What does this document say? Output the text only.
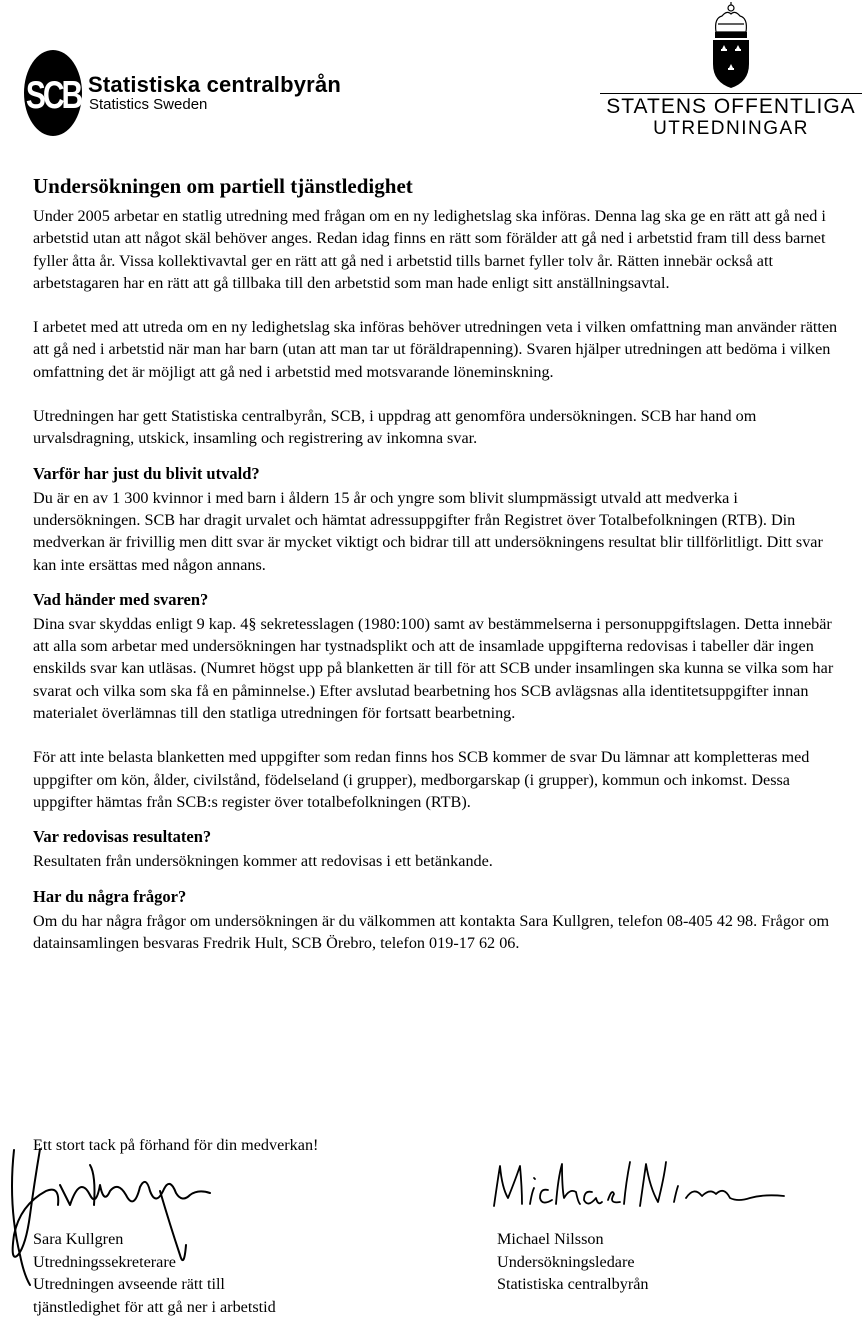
SCB Statistiska centralbyrån
Statistics Sweden	STATENS OFFENTLIGA
UTREDNINGAR
Undersökningen om partiell tjänstledighet

Under 2005 arbetar en statlig utredning med frågan om en ny ledighetslag ska införas. Denna lag ska ge en rätt att gå ned i arbetstid utan att något skäl behöver anges. Redan idag finns en rätt som förälder att gå ned i arbetstid fram till dess barnet fyller åtta år. Vissa kollektivavtal ger en rätt att gå ned i arbetstid tills barnet fyller tolv år. Rätten innebär också att arbetstagaren har en rätt att gå tillbaka till den arbetstid som man hade enligt sitt anställningsavtal.

I arbetet med att utreda om en ny ledighetslag ska införas behöver utredningen veta i vilken omfattning man använder rätten att gå ned i arbetstid när man har barn (utan att man tar ut föräldrapenning). Svaren hjälper utredningen att bedöma i vilken omfattning det är möjligt att gå ned i arbetstid med motsvarande löneminskning.

Utredningen har gett Statistiska centralbyrån, SCB, i uppdrag att genomföra undersökningen. SCB har hand om urvalsdragning, utskick, insamling och registrering av inkomna svar.

Varför har just du blivit utvald?

Du är en av 1 300 kvinnor i med barn i åldern 15 år och yngre som blivit slumpmässigt utvald att medverka i undersökningen. SCB har dragit urvalet och hämtat adressuppgifter från Registret över Totalbefolkningen (RTB). Din medverkan är frivillig men ditt svar är mycket viktigt och bidrar till att undersökningens resultat blir tillförlitligt. Ditt svar kan inte ersättas med någon annans.

Vad händer med svaren?

Dina svar skyddas enligt 9 kap. 4§ sekretesslagen (1980:100) samt av bestämmelserna i personuppgiftslagen. Detta innebär att alla som arbetar med undersökningen har tystnadsplikt och att de insamlade uppgifterna redovisas i tabeller där ingen enskilds svar kan utläsas. (Numret högst upp på blanketten är till för att SCB under insamlingen ska kunna se vilka som har svarat och vilka som ska få en påminnelse.) Efter avslutad bearbetning hos SCB avlägsnas alla identitetsuppgifter innan materialet överlämnas till den statliga utredningen för fortsatt bearbetning.

För att inte belasta blanketten med uppgifter som redan finns hos SCB kommer de svar Du lämnar att kompletteras med uppgifter om kön, ålder, civilstånd, födelseland (i grupper), medborgarskap (i grupper), kommun och inkomst. Dessa uppgifter hämtas från SCB:s register över totalbefolkningen (RTB).

Var redovisas resultaten?

Resultaten från undersökningen kommer att redovisas i ett betänkande.

Har du några frågor?

Om du har några frågor om undersökningen är du välkommen att kontakta Sara Kullgren, telefon 08-405 42 98. Frågor om datainsamlingen besvaras Fredrik Hult, SCB Örebro, telefon 019-17 62 06.

Ett stort tack på förhand för din medverkan!
Sara Kullgren
Utredningssekreterare
Utredningen avseende rätt till
tjänstledighet för att gå ner i arbetstid
Michael Nilsson
Undersökningsledare
Statistiska centralbyrån
